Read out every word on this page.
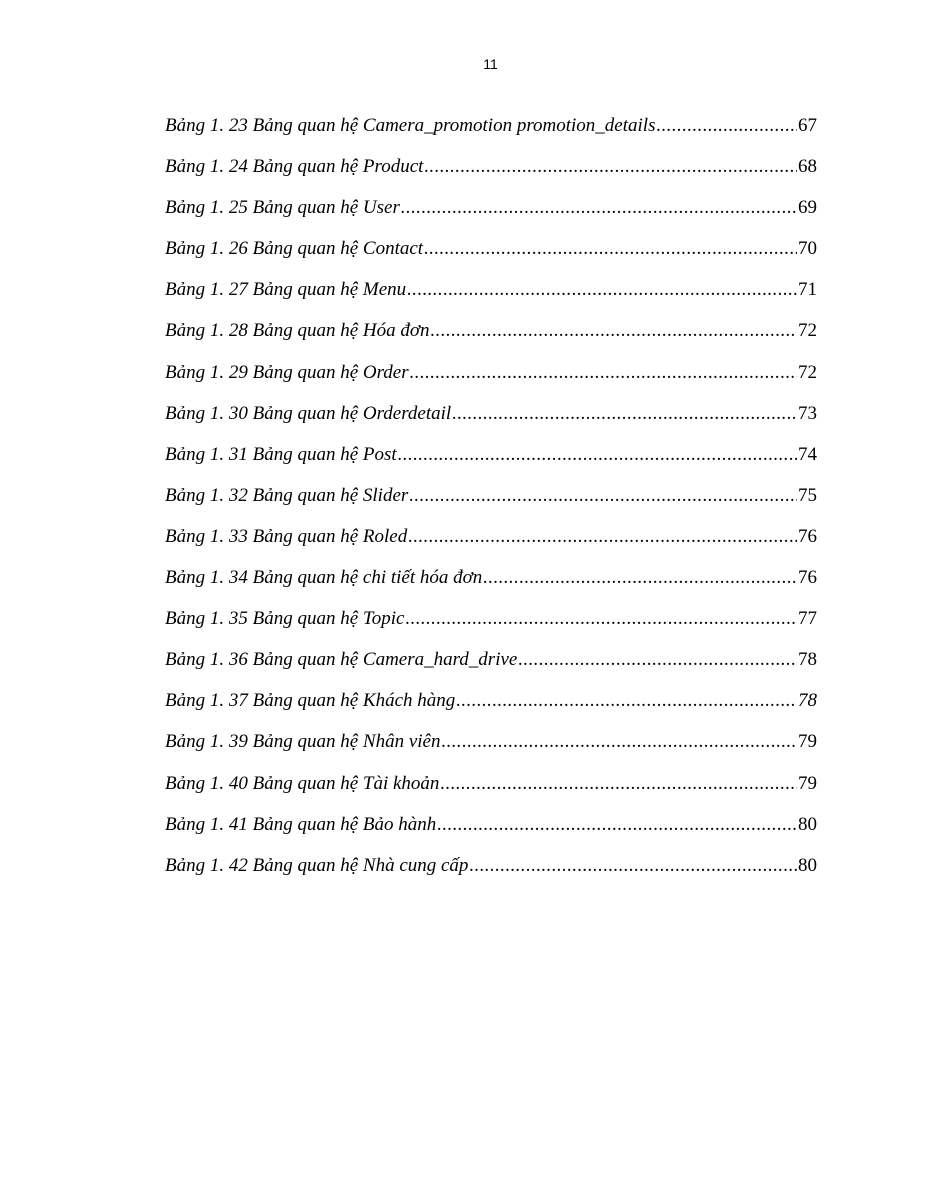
11
Bảng 1. 23 Bảng quan hệ Camera_promotion promotion_details .....	67
Bảng 1. 24 Bảng quan hệ Product .....	68
Bảng 1. 25 Bảng quan hệ User .....	69
Bảng 1. 26 Bảng quan hệ Contact .....	70
Bảng 1. 27 Bảng quan hệ Menu .....	71
Bảng 1. 28 Bảng quan hệ Hóa đơn .....	72
Bảng 1. 29 Bảng quan hệ Order .....	72
Bảng 1. 30 Bảng quan hệ Orderdetail .....	73
Bảng 1. 31 Bảng quan hệ Post .....	74
Bảng 1. 32 Bảng quan hệ Slider .....	75
Bảng 1. 33 Bảng quan hệ Roled .....	76
Bảng 1. 34 Bảng quan hệ chi tiết hóa đơn .....	76
Bảng 1. 35 Bảng quan hệ Topic .....	77
Bảng 1. 36 Bảng quan hệ Camera_hard_drive .....	78
Bảng 1. 37 Bảng quan hệ Khách hàng .....	78
Bảng 1. 39 Bảng quan hệ Nhân viên .....	79
Bảng 1. 40 Bảng quan hệ Tài khoản .....	79
Bảng 1. 41 Bảng quan hệ Bảo hành .....	80
Bảng 1. 42 Bảng quan hệ Nhà cung cấp .....	80
